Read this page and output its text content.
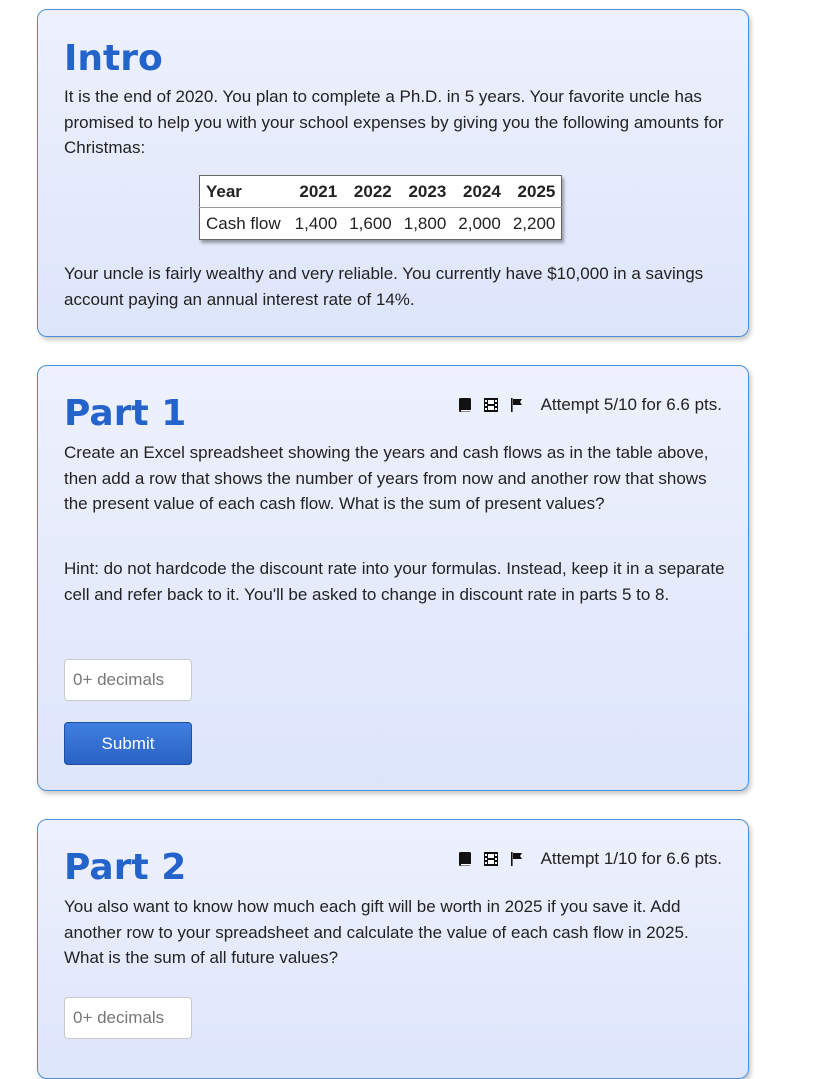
Intro

It is the end of 2020. You plan to complete a Ph.D. in 5 years. Your favorite uncle has promised to help you with your school expenses by giving you the following amounts for Christmas:

Year	2021	2022	2023	2024	2025
Cash flow	1,400	1,600	1,800	2,000	2,200

Your uncle is fairly wealthy and very reliable. You currently have $10,000 in a savings account paying an annual interest rate of 14%.

Part 1	Attempt 5/10 for 6.6 pts.

Create an Excel spreadsheet showing the years and cash flows as in the table above, then add a row that shows the number of years from now and another row that shows the present value of each cash flow. What is the sum of present values?

Hint: do not hardcode the discount rate into your formulas. Instead, keep it in a separate cell and refer back to it. You'll be asked to change in discount rate in parts 5 to 8.

0+ decimals
Submit
Part 2	Attempt 1/10 for 6.6 pts.

You also want to know how much each gift will be worth in 2025 if you save it. Add another row to your spreadsheet and calculate the value of each cash flow in 2025. What is the sum of all future values?

0+ decimals
